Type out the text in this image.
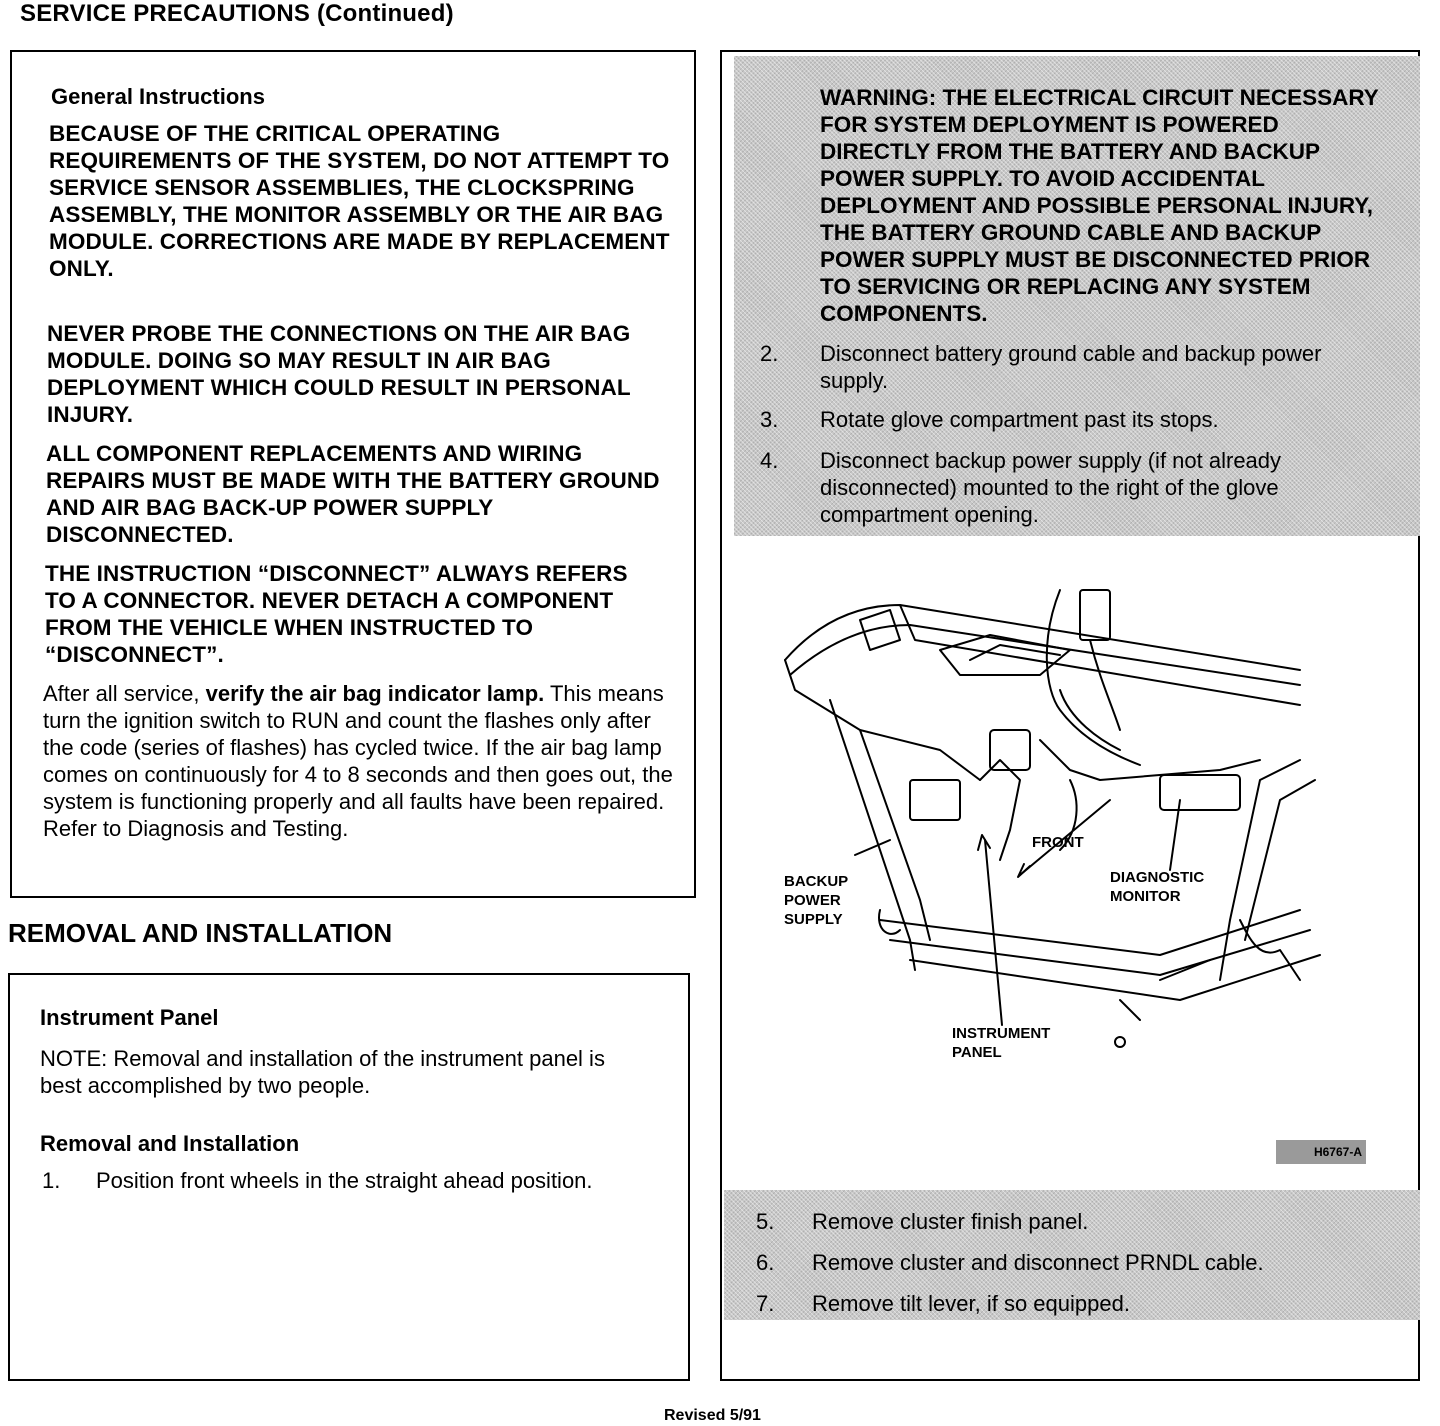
SERVICE PRECAUTIONS (Continued)
General Instructions

BECAUSE OF THE CRITICAL OPERATING REQUIREMENTS OF THE SYSTEM, DO NOT ATTEMPT TO SERVICE SENSOR ASSEMBLIES, THE CLOCKSPRING ASSEMBLY, THE MONITOR ASSEMBLY OR THE AIR BAG MODULE. CORRECTIONS ARE MADE BY REPLACEMENT ONLY.

NEVER PROBE THE CONNECTIONS ON THE AIR BAG MODULE. DOING SO MAY RESULT IN AIR BAG DEPLOYMENT WHICH COULD RESULT IN PERSONAL INJURY.

ALL COMPONENT REPLACEMENTS AND WIRING REPAIRS MUST BE MADE WITH THE BATTERY GROUND AND AIR BAG BACK-UP POWER SUPPLY DISCONNECTED.

THE INSTRUCTION “DISCONNECT” ALWAYS REFERS TO A CONNECTOR. NEVER DETACH A COMPONENT FROM THE VEHICLE WHEN INSTRUCTED TO “DISCONNECT”.

After all service, verify the air bag indicator lamp. This means turn the ignition switch to RUN and count the flashes only after the code (series of flashes) has cycled twice. If the air bag lamp comes on continuously for 4 to 8 seconds and then goes out, the system is functioning properly and all faults have been repaired. Refer to Diagnosis and Testing.

REMOVAL AND INSTALLATION
Instrument Panel

NOTE: Removal and installation of the instrument panel is best accomplished by two people.

Removal and Installation
1. Position front wheels in the straight ahead position.
WARNING: THE ELECTRICAL CIRCUIT NECESSARY FOR SYSTEM DEPLOYMENT IS POWERED DIRECTLY FROM THE BATTERY AND BACKUP POWER SUPPLY. TO AVOID ACCIDENTAL DEPLOYMENT AND POSSIBLE PERSONAL INJURY, THE BATTERY GROUND CABLE AND BACKUP POWER SUPPLY MUST BE DISCONNECTED PRIOR TO SERVICING OR REPLACING ANY SYSTEM COMPONENTS.
2. Disconnect battery ground cable and backup power supply.
3. Rotate glove compartment past its stops.
4. Disconnect backup power supply (if not already disconnected) mounted to the right of the glove compartment opening.
BACKUP
POWER
SUPPLY
FRONT
DIAGNOSTIC
MONITOR
INSTRUMENT
PANEL
H6767-A
5. Remove cluster finish panel.
6. Remove cluster and disconnect PRNDL cable.
7. Remove tilt lever, if so equipped.
Revised 5/91
